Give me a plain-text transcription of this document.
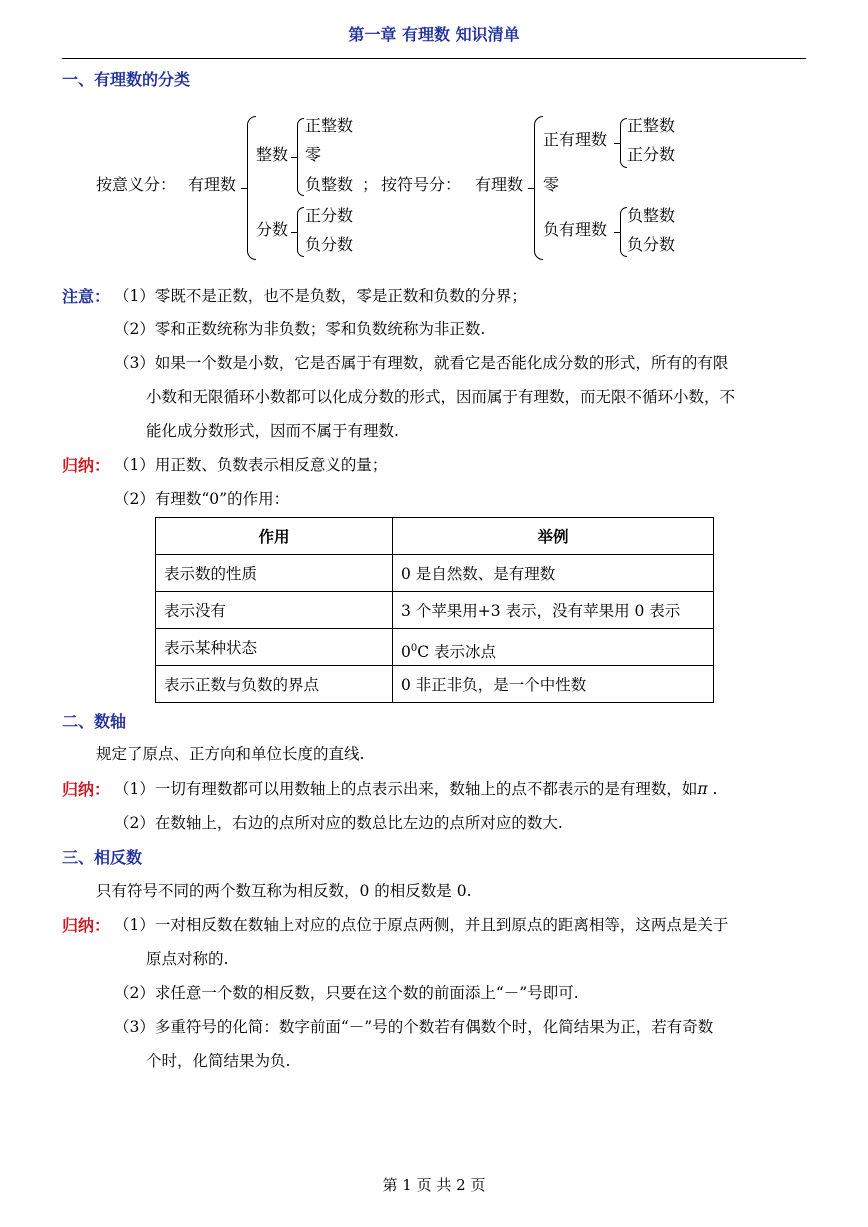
第一章 有理数 知识清单
一、有理数的分类
按意义分： 有理数
整数
正整数
零
负整数 ；
分数
正分数
负分数
按符号分： 有理数
正有理数
正整数
正分数
零
负有理数
负整数
负分数
注意： （1）零既不是正数，也不是负数，零是正数和负数的分界；
（2）零和正数统称为非负数；零和负数统称为非正数.
（3）如果一个数是小数，它是否属于有理数，就看它是否能化成分数的形式，所有的有限
小数和无限循环小数都可以化成分数的形式，因而属于有理数，而无限不循环小数，不
能化成分数形式，因而不属于有理数.
归纳： （1）用正数、负数表示相反意义的量；
（2）有理数“0”的作用：
作用	举例
表示数的性质	0 是自然数、是有理数
表示没有	3 个苹果用+3 表示，没有苹果用 0 表示
表示某种状态	$0^0C$ 表示冰点
表示正数与负数的界点	0 非正非负，是一个中性数
二、数轴
规定了原点、正方向和单位长度的直线.
归纳： （1）一切有理数都可以用数轴上的点表示出来，数轴上的点不都表示的是有理数，如π .
（2）在数轴上，右边的点所对应的数总比左边的点所对应的数大.
三、相反数
只有符号不同的两个数互称为相反数，0 的相反数是 0.
归纳： （1）一对相反数在数轴上对应的点位于原点两侧，并且到原点的距离相等，这两点是关于
原点对称的.
（2）求任意一个数的相反数，只要在这个数的前面添上“－”号即可.
（3）多重符号的化简：数字前面“－”号的个数若有偶数个时，化简结果为正，若有奇数
个时，化简结果为负.
第 1 页 共 2 页
